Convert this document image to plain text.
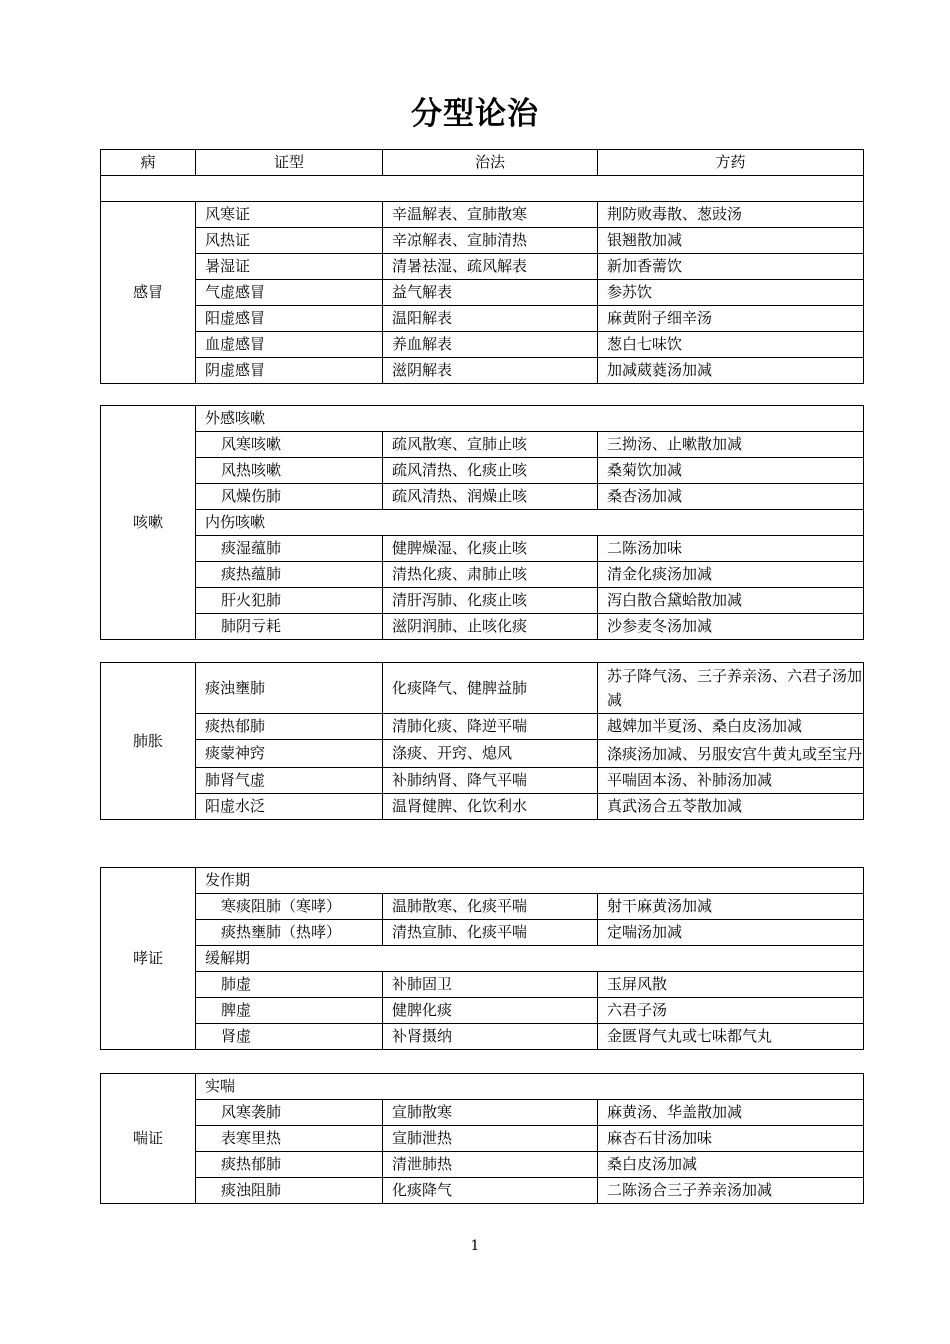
分型论治
病	证型	治法	方药

感冒	风寒证	辛温解表、宣肺散寒	荆防败毒散、葱豉汤
	风热证	辛凉解表、宣肺清热	银翘散加减
	暑湿证	清暑祛湿、疏风解表	新加香薷饮
	气虚感冒	益气解表	参苏饮
	阳虚感冒	温阳解表	麻黄附子细辛汤
	血虚感冒	养血解表	葱白七味饮
	阴虚感冒	滋阴解表	加减葳蕤汤加减
咳嗽	外感咳嗽		
	风寒咳嗽	疏风散寒、宣肺止咳	三拗汤、止嗽散加减
	风热咳嗽	疏风清热、化痰止咳	桑菊饮加减
	风燥伤肺	疏风清热、润燥止咳	桑杏汤加减
	内伤咳嗽		
	痰湿蕴肺	健脾燥湿、化痰止咳	二陈汤加味
	痰热蕴肺	清热化痰、肃肺止咳	清金化痰汤加减
	肝火犯肺	清肝泻肺、化痰止咳	泻白散合黛蛤散加减
	肺阴亏耗	滋阴润肺、止咳化痰	沙参麦冬汤加减
肺胀	痰浊壅肺	化痰降气、健脾益肺	苏子降气汤、三子养亲汤、六君子汤加减
	痰热郁肺	清肺化痰、降逆平喘	越婢加半夏汤、桑白皮汤加减
	痰蒙神窍	涤痰、开窍、熄风	涤痰汤加减、另服安宫牛黄丸或至宝丹
	肺肾气虚	补肺纳肾、降气平喘	平喘固本汤、补肺汤加减
	阳虚水泛	温肾健脾、化饮利水	真武汤合五苓散加减
哮证	发作期		
	寒痰阻肺（寒哮）	温肺散寒、化痰平喘	射干麻黄汤加减
	痰热壅肺（热哮）	清热宣肺、化痰平喘	定喘汤加减
	缓解期		
	肺虚	补肺固卫	玉屏风散
	脾虚	健脾化痰	六君子汤
	肾虚	补肾摄纳	金匮肾气丸或七味都气丸
喘证	实喘		
	风寒袭肺	宣肺散寒	麻黄汤、华盖散加减
	表寒里热	宣肺泄热	麻杏石甘汤加味
	痰热郁肺	清泄肺热	桑白皮汤加减
	痰浊阻肺	化痰降气	二陈汤合三子养亲汤加减
1
